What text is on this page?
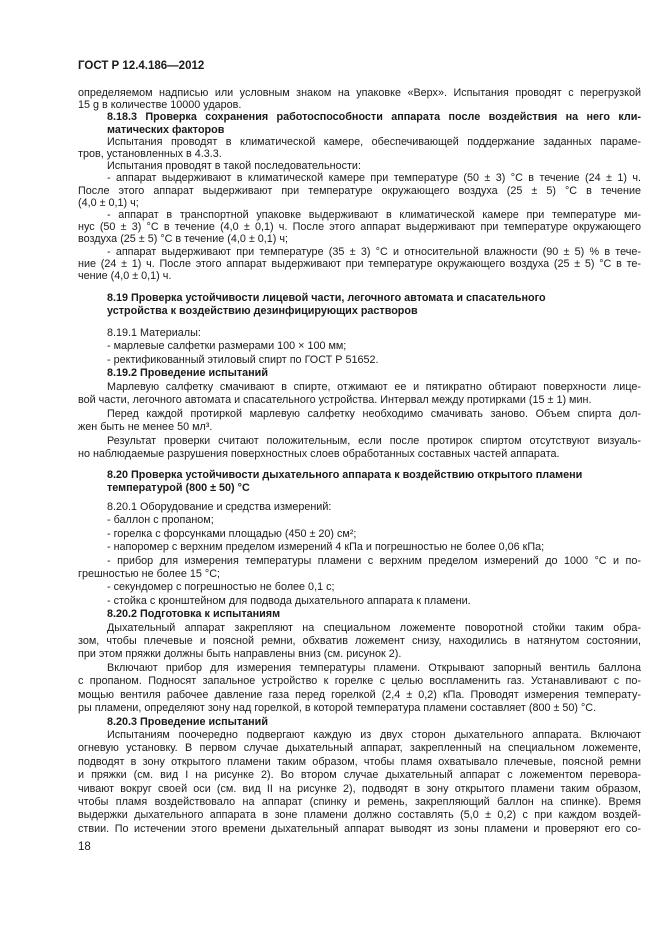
ГОСТ Р 12.4.186—2012
определяемом надписью или условным знаком на упаковке «Верх». Испытания проводят с перегрузкой
15 g в количестве 10000 ударов.
8.18.3 Проверка сохранения работоспособности аппарата после воздействия на него кли-
матических факторов
Испытания проводят в климатической камере, обеспечивающей поддержание заданных параме-
тров, установленных в 4.3.3.
Испытания проводят в такой последовательности:
- аппарат выдерживают в климатической камере при температуре (50 ± 3) °С в течение (24 ± 1) ч.
После этого аппарат выдерживают при температуре окружающего воздуха (25 ± 5) °С в течение
(4,0 ± 0,1) ч;
- аппарат в транспортной упаковке выдерживают в климатической камере при температуре ми-
нус (50 ± 3) °С в течение (4,0 ± 0,1) ч. После этого аппарат выдерживают при температуре окружающего
воздуха (25 ± 5) °С в течение (4,0 ± 0,1) ч;
- аппарат выдерживают при температуре (35 ± 3) °С и относительной влажности (90 ± 5) % в тече-
ние (24 ± 1) ч. После этого аппарат выдерживают при температуре окружающего воздуха (25 ± 5) °С в те-
чение (4,0 ± 0,1) ч.
8.19 Проверка устойчивости лицевой части, легочного автомата и спасательного
устройства к воздействию дезинфицирующих растворов
8.19.1 Материалы:
- марлевые салфетки размерами 100 × 100 мм;
- ректификованный этиловый спирт по ГОСТ Р 51652.
8.19.2 Проведение испытаний
Марлевую салфетку смачивают в спирте, отжимают ее и пятикратно обтирают поверхности лице-
вой части, легочного автомата и спасательного устройства. Интервал между протирками (15 ± 1) мин.
Перед каждой протиркой марлевую салфетку необходимо смачивать заново. Объем спирта дол-
жен быть не менее 50 мл³.
Результат проверки считают положительным, если после протирок спиртом отсутствуют визуаль-
но наблюдаемые разрушения поверхностных слоев обработанных составных частей аппарата.
8.20 Проверка устойчивости дыхательного аппарата к воздействию открытого пламени
температурой (800 ± 50) °С
8.20.1 Оборудование и средства измерений:
- баллон с пропаном;
- горелка с форсунками площадью (450 ± 20) см²;
- напоромер с верхним пределом измерений 4 кПа и погрешностью не более 0,06 кПа;
- прибор для измерения температуры пламени с верхним пределом измерений до 1000 °С и по-
грешностью не более 15 °С;
- секундомер с погрешностью не более 0,1 с;
- стойка с кронштейном для подвода дыхательного аппарата к пламени.
8.20.2 Подготовка к испытаниям
Дыхательный аппарат закрепляют на специальном ложементе поворотной стойки таким обра-
зом, чтобы плечевые и поясной ремни, обхватив ложемент снизу, находились в натянутом состоянии,
при этом пряжки должны быть направлены вниз (см. рисунок 2).
Включают прибор для измерения температуры пламени. Открывают запорный вентиль баллона
с пропаном. Подносят запальное устройство к горелке с целью воспламенить газ. Устанавливают с по-
мощью вентиля рабочее давление газа перед горелкой (2,4 ± 0,2) кПа. Проводят измерения температу-
ры пламени, определяют зону над горелкой, в которой температура пламени составляет (800 ± 50) °С.
8.20.3 Проведение испытаний
Испытаниям поочередно подвергают каждую из двух сторон дыхательного аппарата. Включают
огневую установку. В первом случае дыхательный аппарат, закрепленный на специальном ложементе,
подводят в зону открытого пламени таким образом, чтобы пламя охватывало плечевые, поясной ремни
и пряжки (см. вид I на рисунке 2). Во втором случае дыхательный аппарат с ложементом перевора-
чивают вокруг своей оси (см. вид II на рисунке 2), подводят в зону открытого пламени таким образом,
чтобы пламя воздействовало на аппарат (спинку и ремень, закрепляющий баллон на спинке). Время
выдержки дыхательного аппарата в зоне пламени должно составлять (5,0 ± 0,2) с при каждом воздей-
ствии. По истечении этого времени дыхательный аппарат выводят из зоны пламени и проверяют его со-
18
